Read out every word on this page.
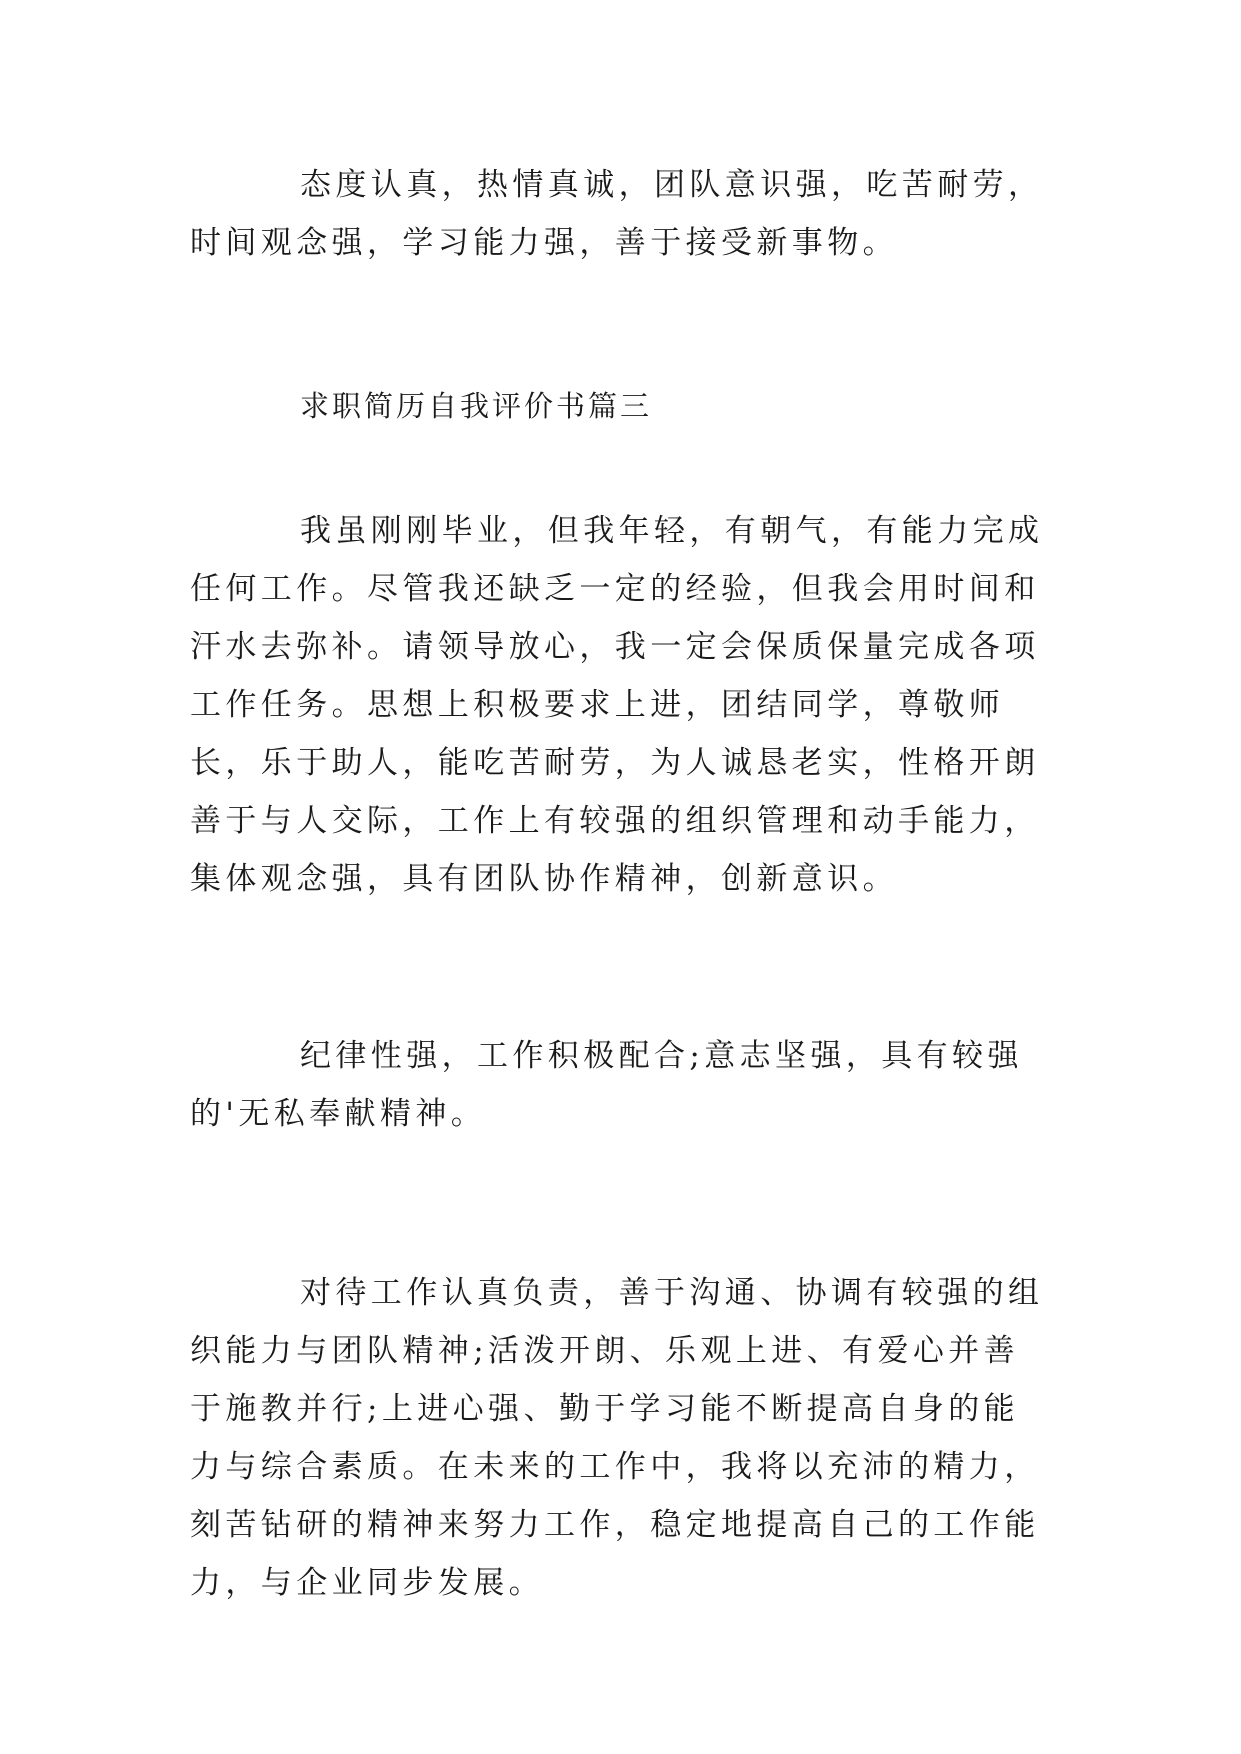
态度认真，热情真诚，团队意识强，吃苦耐劳，时间观念强，学习能力强，善于接受新事物。

求职简历自我评价书篇三

我虽刚刚毕业，但我年轻，有朝气，有能力完成任何工作。尽管我还缺乏一定的经验，但我会用时间和汗水去弥补。请领导放心，我一定会保质保量完成各项工作任务。思想上积极要求上进，团结同学，尊敬师长，乐于助人，能吃苦耐劳，为人诚恳老实，性格开朗善于与人交际，工作上有较强的组织管理和动手能力，集体观念强，具有团队协作精神，创新意识。

纪律性强，工作积极配合;意志坚强，具有较强的'无私奉献精神。

对待工作认真负责，善于沟通、协调有较强的组织能力与团队精神;活泼开朗、乐观上进、有爱心并善于施教并行;上进心强、勤于学习能不断提高自身的能力与综合素质。在未来的工作中，我将以充沛的精力，刻苦钻研的精神来努力工作，稳定地提高自己的工作能力，与企业同步发展。
